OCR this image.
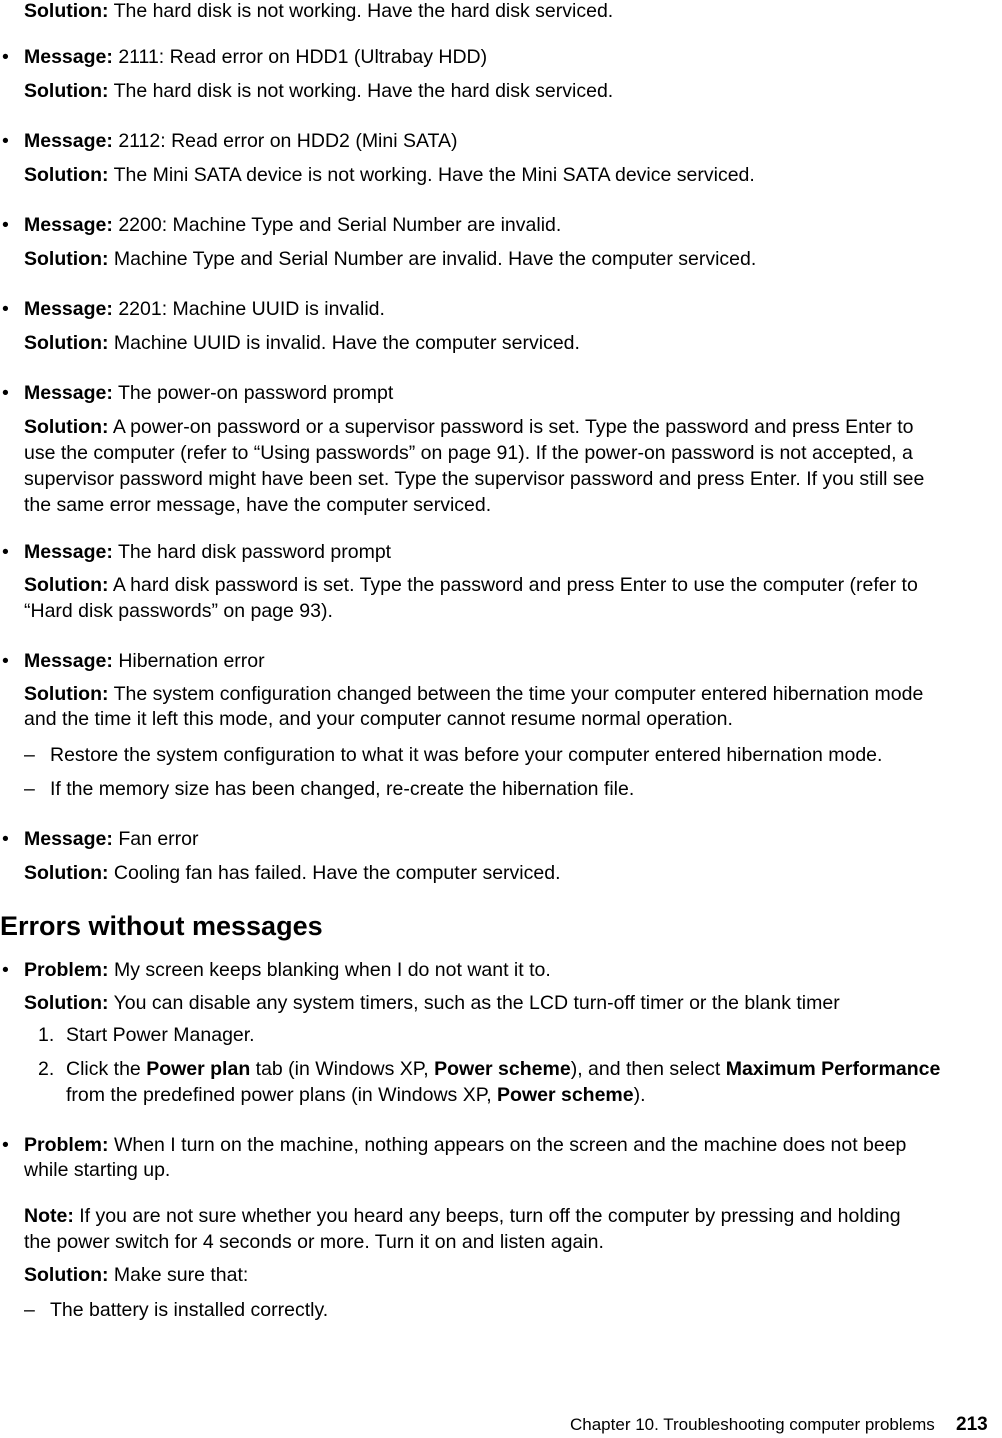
Solution: The hard disk is not working. Have the hard disk serviced.
• Message: 2111: Read error on HDD1 (Ultrabay HDD)
Solution: The hard disk is not working. Have the hard disk serviced.
• Message: 2112: Read error on HDD2 (Mini SATA)
Solution: The Mini SATA device is not working. Have the Mini SATA device serviced.
• Message: 2200: Machine Type and Serial Number are invalid.
Solution: Machine Type and Serial Number are invalid. Have the computer serviced.
• Message: 2201: Machine UUID is invalid.
Solution: Machine UUID is invalid. Have the computer serviced.
• Message: The power-on password prompt
Solution: A power-on password or a supervisor password is set. Type the password and press Enter to
use the computer (refer to “Using passwords” on page 91). If the power-on password is not accepted, a
supervisor password might have been set. Type the supervisor password and press Enter. If you still see
the same error message, have the computer serviced.
• Message: The hard disk password prompt
Solution: A hard disk password is set. Type the password and press Enter to use the computer (refer to
“Hard disk passwords” on page 93).
• Message: Hibernation error
Solution: The system configuration changed between the time your computer entered hibernation mode
and the time it left this mode, and your computer cannot resume normal operation.
– Restore the system configuration to what it was before your computer entered hibernation mode.
– If the memory size has been changed, re-create the hibernation file.
• Message: Fan error
Solution: Cooling fan has failed. Have the computer serviced.
Errors without messages
• Problem: My screen keeps blanking when I do not want it to.
Solution: You can disable any system timers, such as the LCD turn-off timer or the blank timer
1. Start Power Manager.
2. Click the Power plan tab (in Windows XP, Power scheme), and then select Maximum Performance
from the predefined power plans (in Windows XP, Power scheme).
• Problem: When I turn on the machine, nothing appears on the screen and the machine does not beep
while starting up.
Note: If you are not sure whether you heard any beeps, turn off the computer by pressing and holding
the power switch for 4 seconds or more. Turn it on and listen again.
Solution: Make sure that:
– The battery is installed correctly.
Chapter 10. Troubleshooting computer problems 213
